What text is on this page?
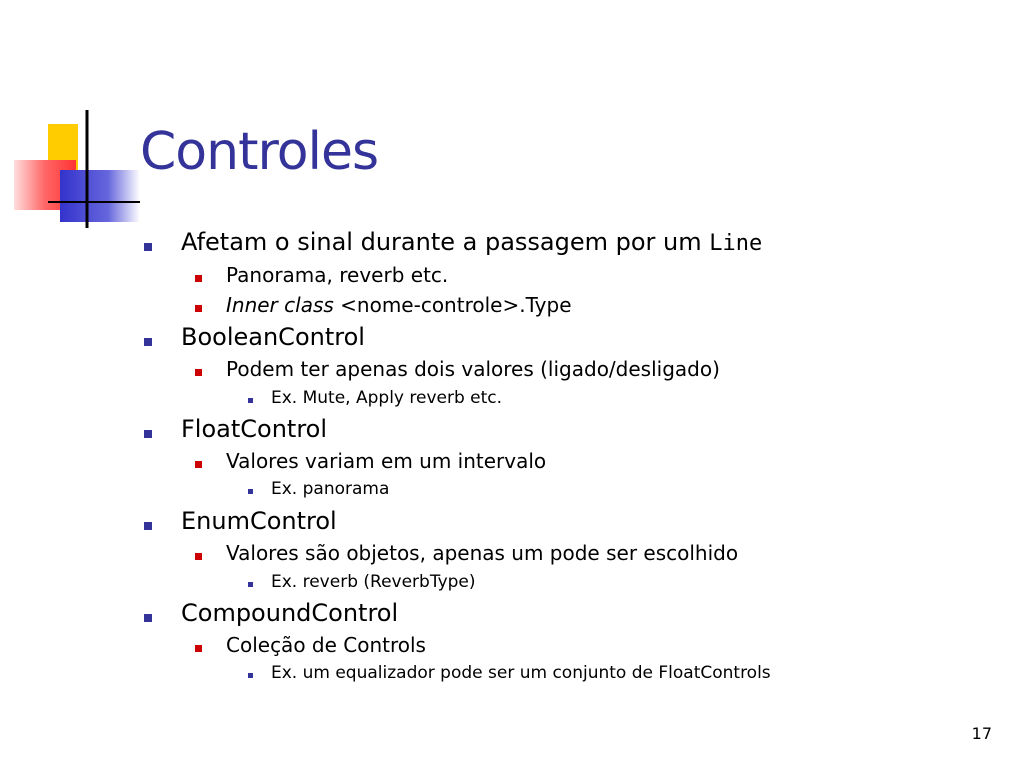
Controles
Afetam o sinal durante a passagem por um Line
Panorama, reverb etc.
Inner class <nome-controle>.Type
BooleanControl
Podem ter apenas dois valores (ligado/desligado)
Ex. Mute, Apply reverb etc.
FloatControl
Valores variam em um intervalo
Ex. panorama
EnumControl
Valores são objetos, apenas um pode ser escolhido
Ex. reverb (ReverbType)
CompoundControl
Coleção de Controls
Ex. um equalizador pode ser um conjunto de FloatControls
17
